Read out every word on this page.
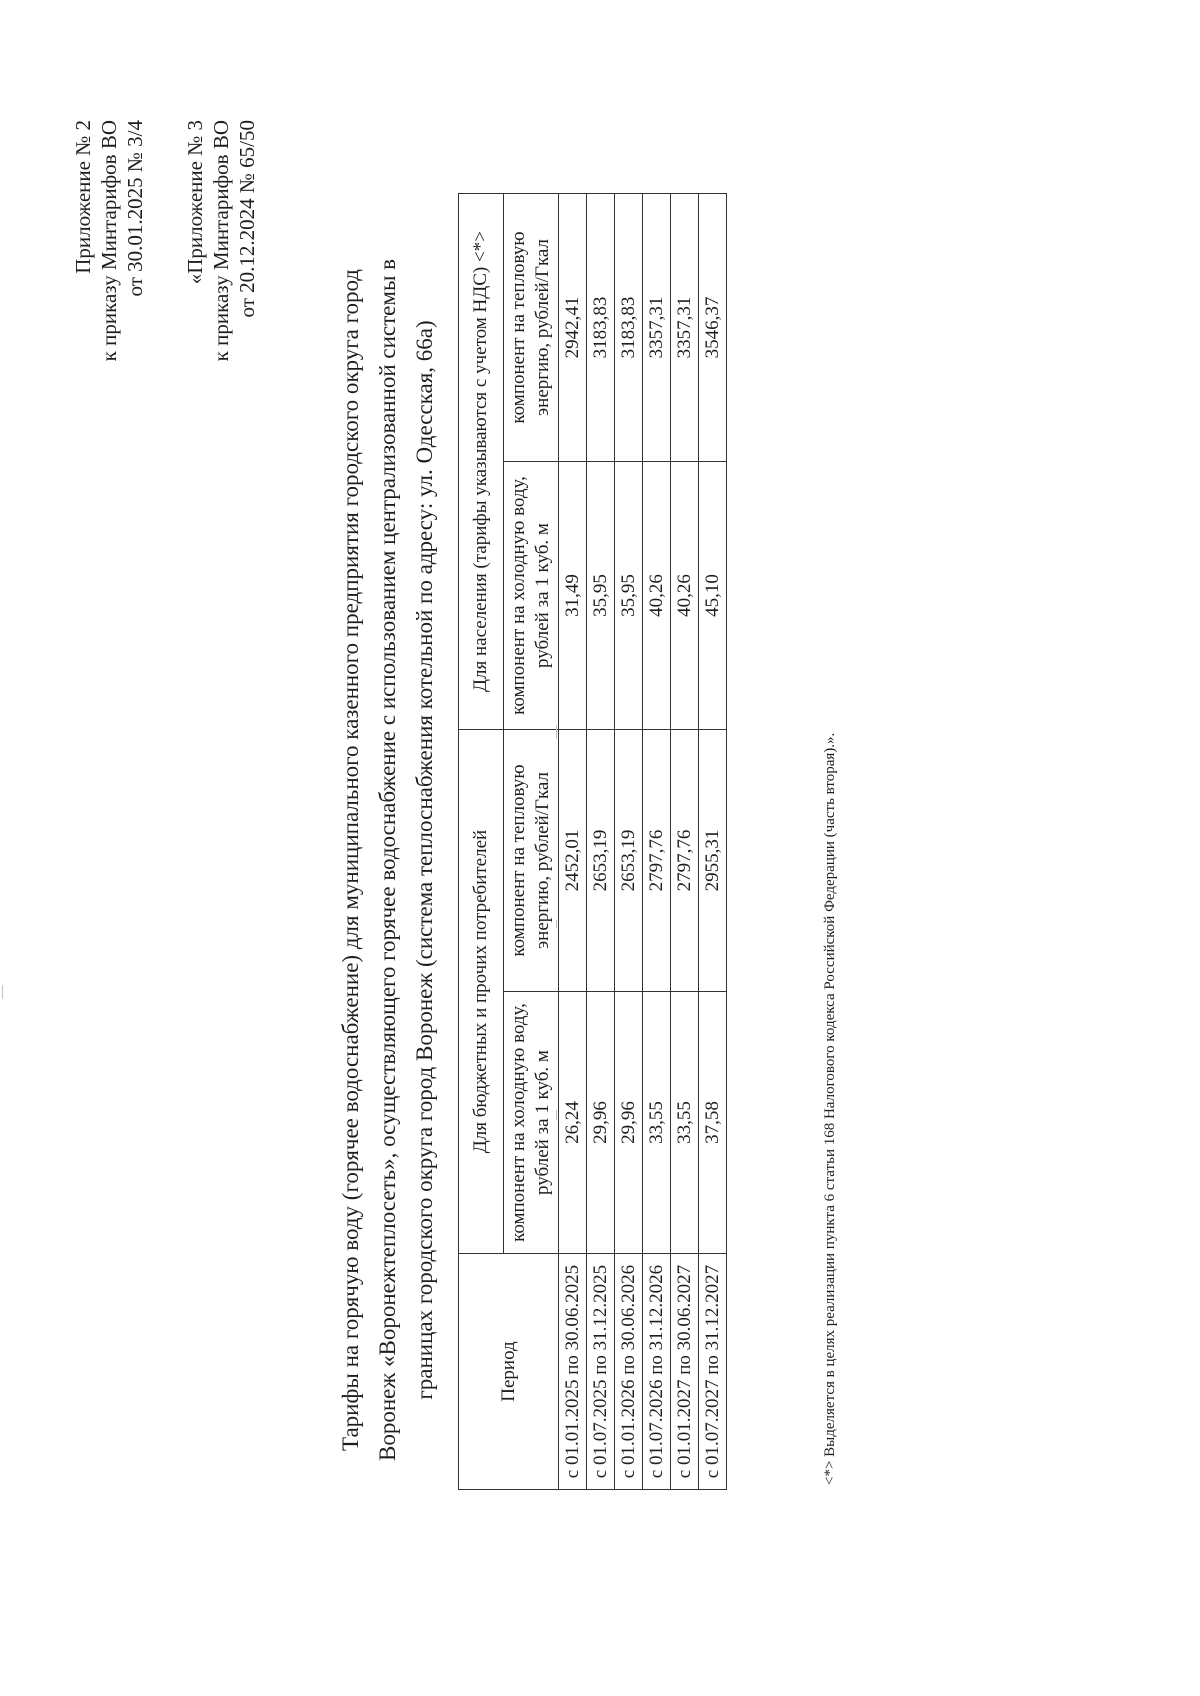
Приложение № 2 к приказу Минтарифов ВО от 30.01.2025 № 3/4 «Приложение № 3 к приказу Минтарифов ВО от 20.12.2024 № 65/50
Тарифы на горячую воду (горячее водоснабжение) для муниципального казенного предприятия городского округа город Воронеж «Воронежтеплосеть», осуществляющего горячее водоснабжение с использованием централизованной системы в границах городского округа город Воронеж (система теплоснабжения котельной по адресу: ул. Одесская, 66а)	Период	Для бюджетных и прочих потребителей		Для населения (тарифы указываются с учетом НДС) <*>	
	компонент на холодную воду, рублей за 1 куб. м	компонент на тепловую энергию, рублей/Гкал	компонент на холодную воду, рублей за 1 куб. м	компонент на тепловую энергию, рублей/Гкал
с 01.01.2025 по 30.06.2025	26,24	2452,01	31,49	2942,41
с 01.07.2025 по 31.12.2025	29,96	2653,19	35,95	3183,83
с 01.01.2026 по 30.06.2026	29,96	2653,19	35,95	3183,83
с 01.07.2026 по 31.12.2026	33,55	2797,76	40,26	3357,31
с 01.01.2027 по 30.06.2027	33,55	2797,76	40,26	3357,31
с 01.07.2027 по 31.12.2027	37,58	2955,31	45,10	3546,37
<*> Выделяется в целях реализации пункта 6 статьи 168 Налогового кодекса Российской Федерации (часть вторая).».
